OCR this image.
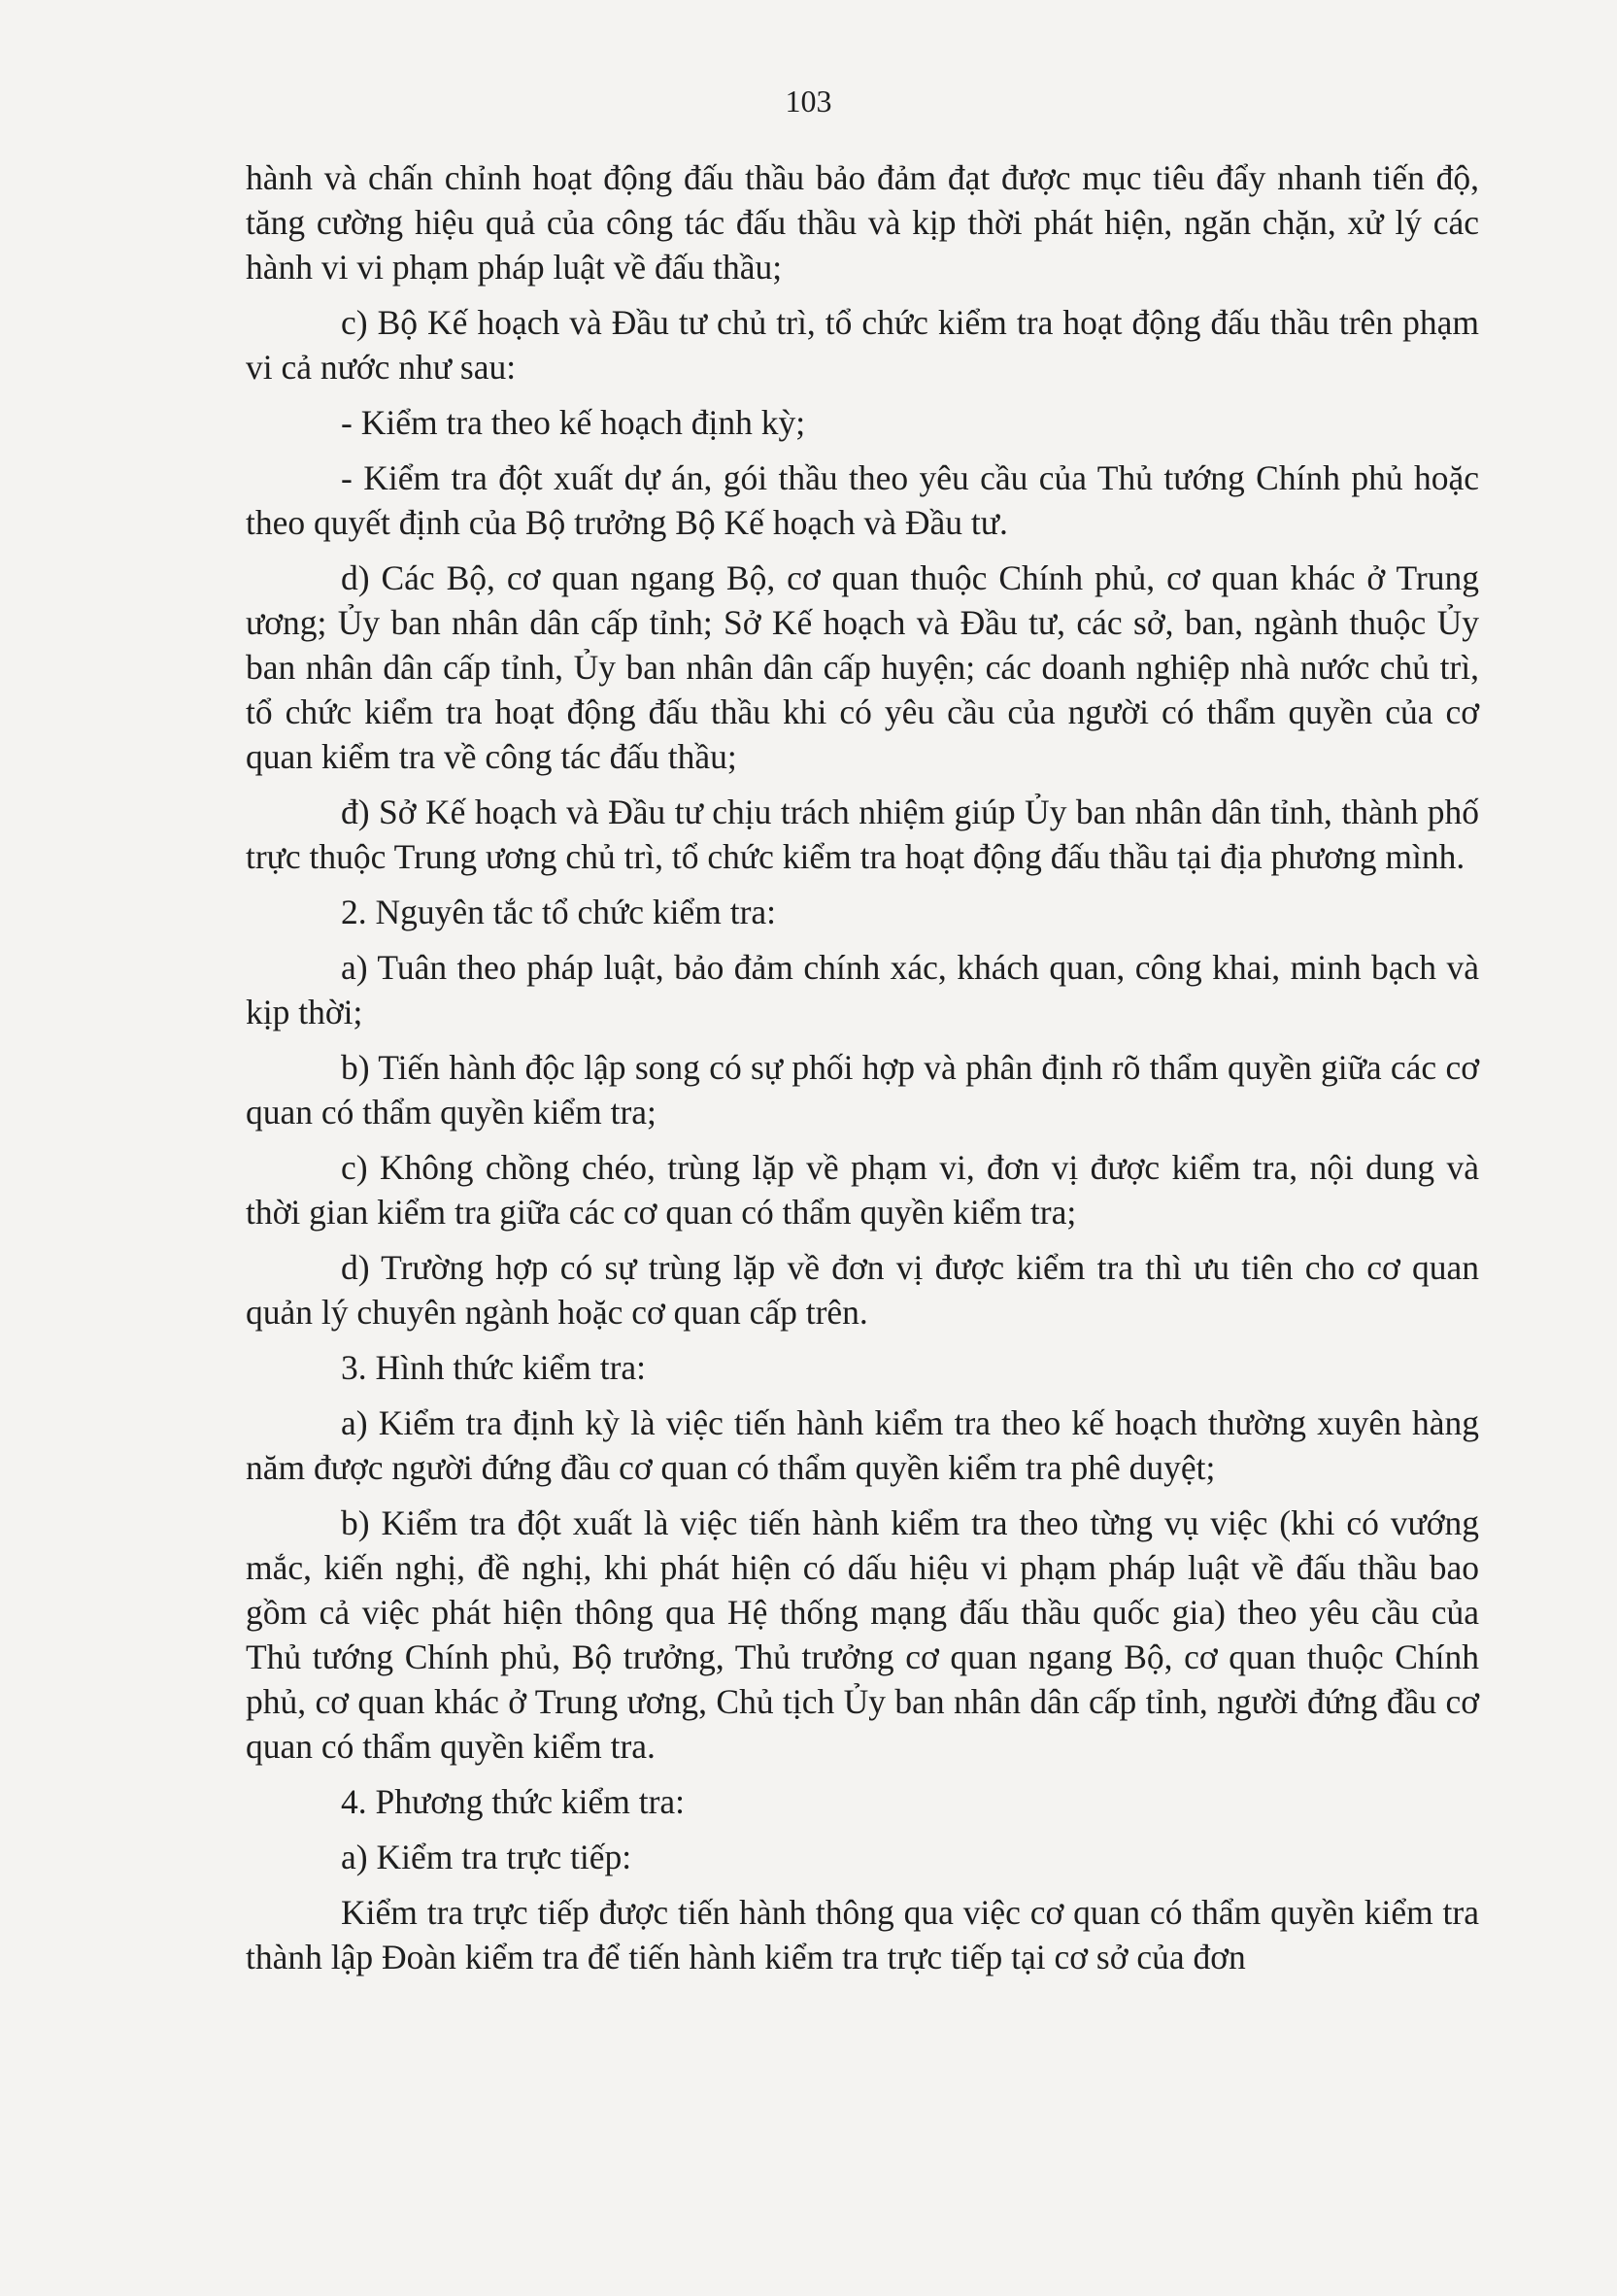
103

hành và chấn chỉnh hoạt động đấu thầu bảo đảm đạt được mục tiêu đẩy nhanh tiến độ, tăng cường hiệu quả của công tác đấu thầu và kịp thời phát hiện, ngăn chặn, xử lý các hành vi vi phạm pháp luật về đấu thầu;

c) Bộ Kế hoạch và Đầu tư chủ trì, tổ chức kiểm tra hoạt động đấu thầu trên phạm vi cả nước như sau:

- Kiểm tra theo kế hoạch định kỳ;

- Kiểm tra đột xuất dự án, gói thầu theo yêu cầu của Thủ tướng Chính phủ hoặc theo quyết định của Bộ trưởng Bộ Kế hoạch và Đầu tư.

d) Các Bộ, cơ quan ngang Bộ, cơ quan thuộc Chính phủ, cơ quan khác ở Trung ương; Ủy ban nhân dân cấp tỉnh; Sở Kế hoạch và Đầu tư, các sở, ban, ngành thuộc Ủy ban nhân dân cấp tỉnh, Ủy ban nhân dân cấp huyện; các doanh nghiệp nhà nước chủ trì, tổ chức kiểm tra hoạt động đấu thầu khi có yêu cầu của người có thẩm quyền của cơ quan kiểm tra về công tác đấu thầu;

đ) Sở Kế hoạch và Đầu tư chịu trách nhiệm giúp Ủy ban nhân dân tỉnh, thành phố trực thuộc Trung ương chủ trì, tổ chức kiểm tra hoạt động đấu thầu tại địa phương mình.

2. Nguyên tắc tổ chức kiểm tra:

a) Tuân theo pháp luật, bảo đảm chính xác, khách quan, công khai, minh bạch và kịp thời;

b) Tiến hành độc lập song có sự phối hợp và phân định rõ thẩm quyền giữa các cơ quan có thẩm quyền kiểm tra;

c) Không chồng chéo, trùng lặp về phạm vi, đơn vị được kiểm tra, nội dung và thời gian kiểm tra giữa các cơ quan có thẩm quyền kiểm tra;

d) Trường hợp có sự trùng lặp về đơn vị được kiểm tra thì ưu tiên cho cơ quan quản lý chuyên ngành hoặc cơ quan cấp trên.

3. Hình thức kiểm tra:

a) Kiểm tra định kỳ là việc tiến hành kiểm tra theo kế hoạch thường xuyên hàng năm được người đứng đầu cơ quan có thẩm quyền kiểm tra phê duyệt;

b) Kiểm tra đột xuất là việc tiến hành kiểm tra theo từng vụ việc (khi có vướng mắc, kiến nghị, đề nghị, khi phát hiện có dấu hiệu vi phạm pháp luật về đấu thầu bao gồm cả việc phát hiện thông qua Hệ thống mạng đấu thầu quốc gia) theo yêu cầu của Thủ tướng Chính phủ, Bộ trưởng, Thủ trưởng cơ quan ngang Bộ, cơ quan thuộc Chính phủ, cơ quan khác ở Trung ương, Chủ tịch Ủy ban nhân dân cấp tỉnh, người đứng đầu cơ quan có thẩm quyền kiểm tra.

4. Phương thức kiểm tra:

a) Kiểm tra trực tiếp:

Kiểm tra trực tiếp được tiến hành thông qua việc cơ quan có thẩm quyền kiểm tra thành lập Đoàn kiểm tra để tiến hành kiểm tra trực tiếp tại cơ sở của đơn
